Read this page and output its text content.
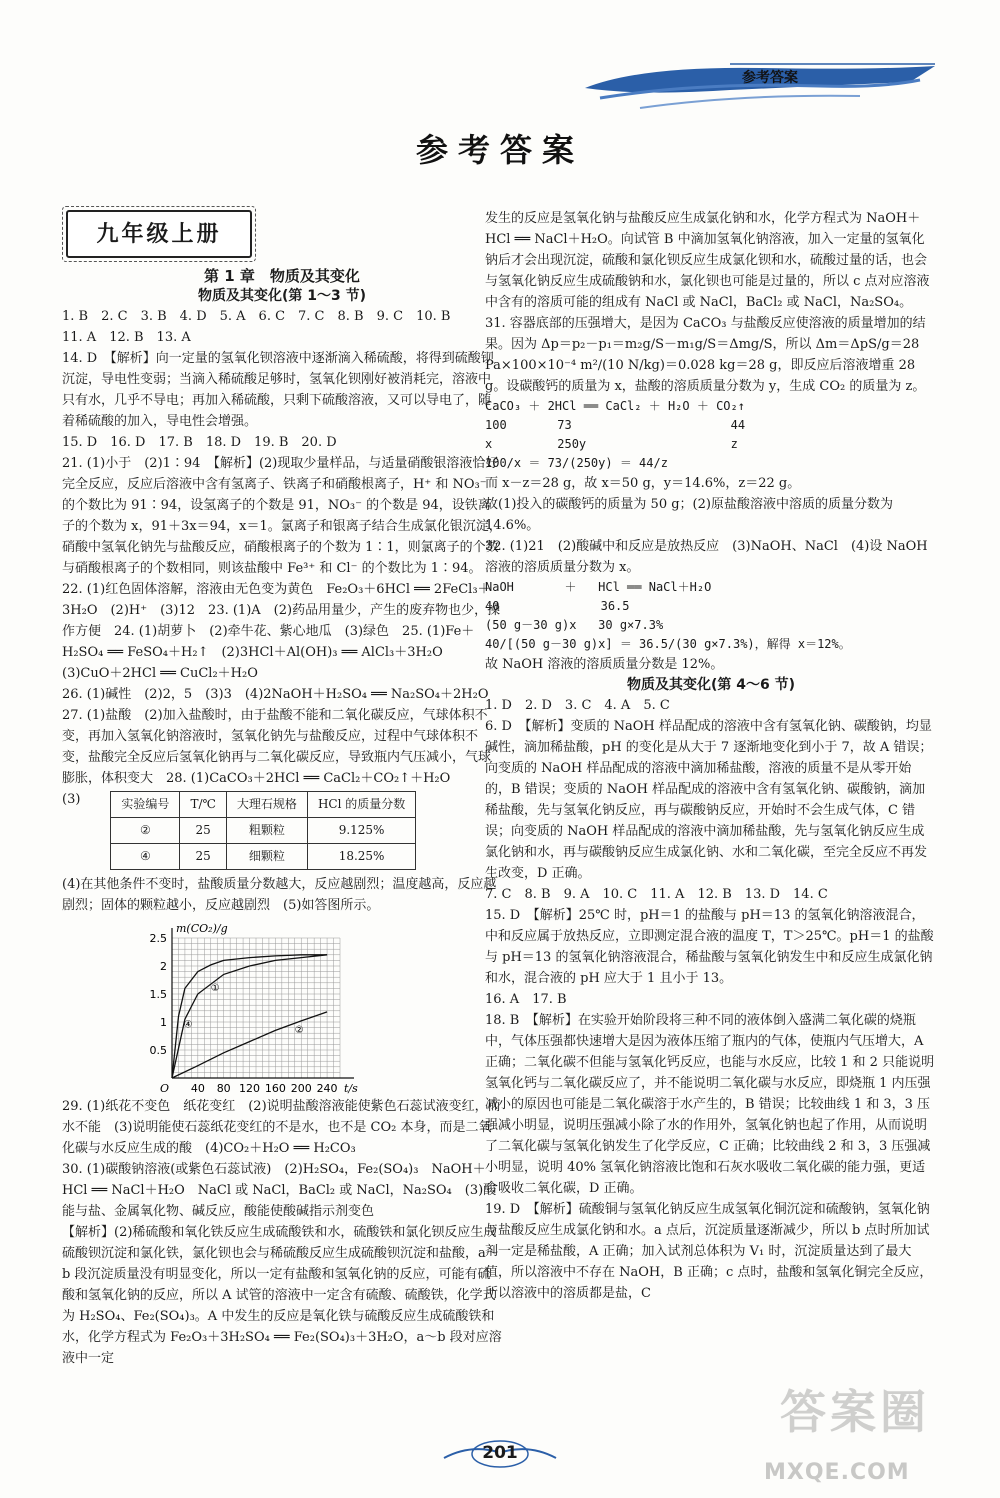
参考答案
参考答案
九年级上册
第 1 章　物质及其变化
物质及其变化(第 1～3 节)

1. B　2. C　3. B　4. D　5. A　6. C　7. C　8. B　9. C　10. B

11. A　12. B　13. A

14. D　【解析】向一定量的氢氧化钡溶液中逐渐滴入稀硫酸，将得到硫酸钡沉淀，导电性变弱；当滴入稀硫酸足够时，氢氧化钡刚好被消耗完，溶液中只有水，几乎不导电；再加入稀硫酸，只剩下硫酸溶液，又可以导电了，随着稀硫酸的加入，导电性会增强。

15. D　16. D　17. B　18. D　19. B　20. D

21. (1)小于　(2)1∶94　【解析】(2)现取少量样品，与适量硝酸银溶液恰好完全反应，反应后溶液中含有氢离子、铁离子和硝酸根离子，H⁺ 和 NO₃⁻ 的个数比为 91∶94，设氢离子的个数是 91，NO₃⁻ 的个数是 94，设铁离子的个数为 x，91＋3x＝94，x＝1。氯离子和银离子结合生成氯化银沉淀，硝酸中氢氧化钠先与盐酸反应，硝酸根离子的个数为 1∶1，则氯离子的个数与硝酸根离子的个数相同，则该盐酸中 Fe³⁺ 和 Cl⁻ 的个数比为 1∶94。

22. (1)红色固体溶解，溶液由无色变为黄色　Fe₂O₃＋6HCl ══ 2FeCl₃＋3H₂O　(2)H⁺　(3)12　23. (1)A　(2)药品用量少，产生的废弃物也少，操作方便　24. (1)胡萝卜　(2)牵牛花、紫心地瓜　(3)绿色　25. (1)Fe＋H₂SO₄ ══ FeSO₄＋H₂↑　(2)3HCl＋Al(OH)₃ ══ AlCl₃＋3H₂O　(3)CuO＋2HCl ══ CuCl₂＋H₂O

26. (1)碱性　(2)2，5　(3)3　(4)2NaOH＋H₂SO₄ ══ Na₂SO₄＋2H₂O　27. (1)盐酸　(2)加入盐酸时，由于盐酸不能和二氧化碳反应，气球体积不变，再加入氢氧化钠溶液时，氢氧化钠先与盐酸反应，过程中气球体积不变，盐酸完全反应后氢氧化钠再与二氧化碳反应，导致瓶内气压减小，气球膨胀，体积变大　28. (1)CaCO₃＋2HCl ══ CaCl₂＋CO₂↑＋H₂O

(3)	实验编号	T/℃	大理石规格	HCl 的质量分数
②	25	粗颗粒	9.125%
④	25	细颗粒	18.25%

(4)在其他条件不变时，盐酸质量分数越大，反应越剧烈；温度越高，反应越剧烈；固体的颗粒越小，反应越剧烈　(5)如答图所示。

40 80 120 160 200 240
0.5
1
1.5
2
2.5
O
m(CO₂)/g
t/s
④
①
②

29. (1)纸花不变色　纸花变红　(2)说明盐酸溶液能使紫色石蕊试液变红，而水不能　(3)说明能使石蕊纸花变红的不是水，也不是 CO₂ 本身，而是二氧化碳与水反应生成的酸　(4)CO₂＋H₂O ══ H₂CO₃

30. (1)碳酸钠溶液(或紫色石蕊试液)　(2)H₂SO₄，Fe₂(SO₄)₃　NaOH＋HCl ══ NaCl＋H₂O　NaCl 或 NaCl，BaCl₂ 或 NaCl，Na₂SO₄　(3)酸能与盐、金属氧化物、碱反应，酸能使酸碱指示剂变色

【解析】(2)稀硫酸和氧化铁反应生成硫酸铁和水，硫酸铁和氯化钡反应生成硫酸钡沉淀和氯化铁，氯化钡也会与稀硫酸反应生成硫酸钡沉淀和盐酸，a～b 段沉淀质量没有明显变化，所以一定有盐酸和氢氧化钠的反应，可能有硫酸和氢氧化钠的反应，所以 A 试管的溶液中一定含有硫酸、硫酸铁，化学式为 H₂SO₄、Fe₂(SO₄)₃。A 中发生的反应是氧化铁与硫酸反应生成硫酸铁和水，化学方程式为 Fe₂O₃＋3H₂SO₄ ══ Fe₂(SO₄)₃＋3H₂O，a～b 段对应溶液中一定

发生的反应是氢氧化钠与盐酸反应生成氯化钠和水，化学方程式为 NaOH＋HCl ══ NaCl＋H₂O。向试管 B 中滴加氢氧化钠溶液，加入一定量的氢氧化钠后才会出现沉淀，硫酸和氯化钡反应生成氯化钡和水，硫酸过量的话，也会与氢氧化钠反应生成硫酸钠和水，氯化钡也可能是过量的，所以 c 点对应溶液中含有的溶质可能的组成有 NaCl 或 NaCl，BaCl₂ 或 NaCl，Na₂SO₄。

31. 容器底部的压强增大，是因为 CaCO₃ 与盐酸反应使溶液的质量增加的结果。因为 Δp＝p₂－p₁＝m₂g/S－m₁g/S＝Δmg/S，所以 Δm＝ΔpS/g＝28 Pa×100×10⁻⁴ m²/(10 N/kg)＝0.028 kg＝28 g，即反应后溶液增重 28 g。设碳酸钙的质量为 x，盐酸的溶质质量分数为 y，生成 CO₂ 的质量为 z。

CaCO₃ ＋ 2HCl ══ CaCl₂ ＋ H₂O ＋ CO₂↑
100       73                      44
x         250y                    z
100/x ＝ 73/(250y) ＝ 44/z

而 x－z＝28 g，故 x＝50 g，y＝14.6%，z＝22 g。

故(1)投入的碳酸钙的质量为 50 g；(2)原盐酸溶液中溶质的质量分数为 14.6%。

32. (1)21　(2)酸碱中和反应是放热反应　(3)NaOH、NaCl　(4)设 NaOH 溶液的溶质质量分数为 x。

NaOH       ＋   HCl ══ NaCl＋H₂O
40              36.5
(50 g－30 g)x   30 g×7.3%
40/[(50 g－30 g)x] ＝ 36.5/(30 g×7.3%)，解得 x＝12%。

故 NaOH 溶液的溶质质量分数是 12%。

物质及其变化(第 4～6 节)

1. D　2. D　3. C　4. A　5. C

6. D　【解析】变质的 NaOH 样品配成的溶液中含有氢氧化钠、碳酸钠，均显碱性，滴加稀盐酸，pH 的变化是从大于 7 逐渐地变化到小于 7，故 A 错误；向变质的 NaOH 样品配成的溶液中滴加稀盐酸，溶液的质量不是从零开始的，B 错误；变质的 NaOH 样品配成的溶液中含有氢氧化钠、碳酸钠，滴加稀盐酸，先与氢氧化钠反应，再与碳酸钠反应，开始时不会生成气体，C 错误；向变质的 NaOH 样品配成的溶液中滴加稀盐酸，先与氢氧化钠反应生成氯化钠和水，再与碳酸钠反应生成氯化钠、水和二氧化碳，至完全反应不再发生改变，D 正确。

7. C　8. B　9. A　10. C　11. A　12. B　13. D　14. C

15. D　【解析】25℃ 时，pH＝1 的盐酸与 pH＝13 的氢氧化钠溶液混合，中和反应属于放热反应，立即测定混合液的温度 T，T＞25℃。pH＝1 的盐酸与 pH＝13 的氢氧化钠溶液混合，稀盐酸与氢氧化钠发生中和反应生成氯化钠和水，混合液的 pH 应大于 1 且小于 13。

16. A　17. B

18. B　【解析】在实验开始阶段将三种不同的液体倒入盛满二氧化碳的烧瓶中，气体压强都快速增大是因为液体压缩了瓶内的气体，使瓶内气压增大，A 正确；二氧化碳不但能与氢氧化钙反应，也能与水反应，比较 1 和 2 只能说明氢氧化钙与二氧化碳反应了，并不能说明二氧化碳与水反应，即烧瓶 1 内压强减小的原因也可能是二氧化碳溶于水产生的，B 错误；比较曲线 1 和 3，3 压强减小明显，说明压强减小除了水的作用外，氢氧化钠也起了作用，从而说明了二氧化碳与氢氧化钠发生了化学反应，C 正确；比较曲线 2 和 3，3 压强减小明显，说明 40% 氢氧化钠溶液比饱和石灰水吸收二氧化碳的能力强，更适合吸收二氧化碳，D 正确。

19. D　【解析】硫酸铜与氢氧化钠反应生成氢氧化铜沉淀和硫酸钠，氢氧化钠与盐酸反应生成氯化钠和水。a 点后，沉淀质量逐渐减少，所以 b 点时所加试剂一定是稀盐酸，A 正确；加入试剂总体积为 V₁ 时，沉淀质量达到了最大值，所以溶液中不存在 NaOH，B 正确；c 点时，盐酸和氢氧化铜完全反应，所以溶液中的溶质都是盐，C

201
答案圈
MXQE.COM
